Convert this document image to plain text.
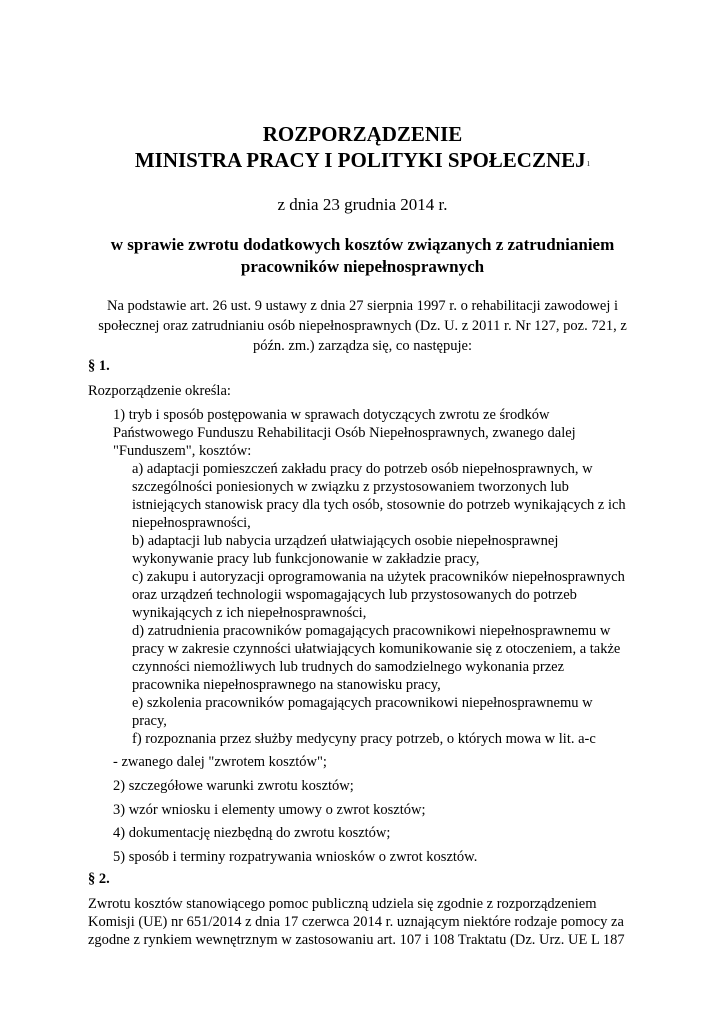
ROZPORZĄDZENIE
MINISTRA PRACY I POLITYKI SPOŁECZNEJ$^1$
z dnia 23 grudnia 2014 r.
w sprawie zwrotu dodatkowych kosztów związanych z zatrudnianiem
pracowników niepełnosprawnych
Na podstawie art. 26 ust. 9 ustawy z dnia 27 sierpnia 1997 r. o rehabilitacji zawodowej i
społecznej oraz zatrudnianiu osób niepełnosprawnych (Dz. U. z 2011 r. Nr 127, poz. 721, z
późn. zm.) zarządza się, co następuje:
§ 1.
Rozporządzenie określa:
1) tryb i sposób postępowania w sprawach dotyczących zwrotu ze środków
Państwowego Funduszu Rehabilitacji Osób Niepełnosprawnych, zwanego dalej
"Funduszem", kosztów:
a) adaptacji pomieszczeń zakładu pracy do potrzeb osób niepełnosprawnych, w
szczególności poniesionych w związku z przystosowaniem tworzonych lub
istniejących stanowisk pracy dla tych osób, stosownie do potrzeb wynikających z ich
niepełnosprawności,
b) adaptacji lub nabycia urządzeń ułatwiających osobie niepełnosprawnej
wykonywanie pracy lub funkcjonowanie w zakładzie pracy,
c) zakupu i autoryzacji oprogramowania na użytek pracowników niepełnosprawnych
oraz urządzeń technologii wspomagających lub przystosowanych do potrzeb
wynikających z ich niepełnosprawności,
d) zatrudnienia pracowników pomagających pracownikowi niepełnosprawnemu w
pracy w zakresie czynności ułatwiających komunikowanie się z otoczeniem, a także
czynności niemożliwych lub trudnych do samodzielnego wykonania przez
pracownika niepełnosprawnego na stanowisku pracy,
e) szkolenia pracowników pomagających pracownikowi niepełnosprawnemu w
pracy,
f) rozpoznania przez służby medycyny pracy potrzeb, o których mowa w lit. a-c
- zwanego dalej "zwrotem kosztów";
2) szczegółowe warunki zwrotu kosztów;
3) wzór wniosku i elementy umowy o zwrot kosztów;
4) dokumentację niezbędną do zwrotu kosztów;
5) sposób i terminy rozpatrywania wniosków o zwrot kosztów.
§ 2.
Zwrotu kosztów stanowiącego pomoc publiczną udziela się zgodnie z rozporządzeniem
Komisji (UE) nr 651/2014 z dnia 17 czerwca 2014 r. uznającym niektóre rodzaje pomocy za
zgodne z rynkiem wewnętrznym w zastosowaniu art. 107 i 108 Traktatu (Dz. Urz. UE L 187
